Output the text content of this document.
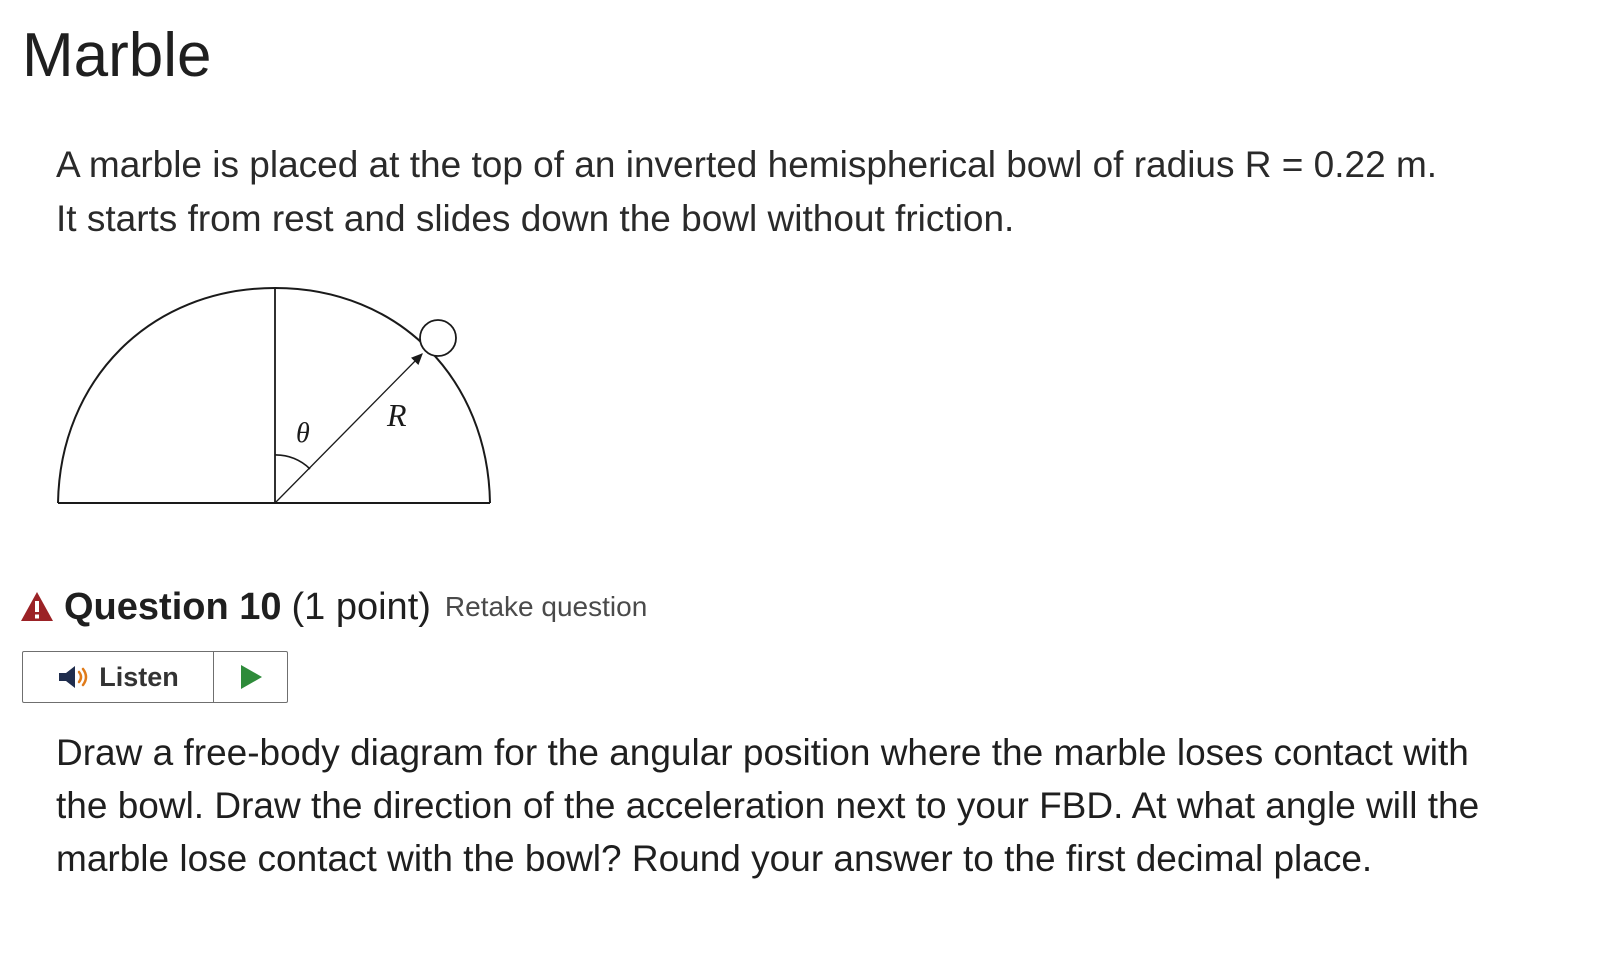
Marble

A marble is placed at the top of an inverted hemispherical bowl of radius R = 0.22 m.

It starts from rest and slides down the bowl without friction.

θ
R
Question 10 (1 point) Retake question
Listen

Draw a free-body diagram for the angular position where the marble loses contact with the bowl. Draw the direction of the acceleration next to your FBD. At what angle will the marble lose contact with the bowl? Round your answer to the first decimal place.
